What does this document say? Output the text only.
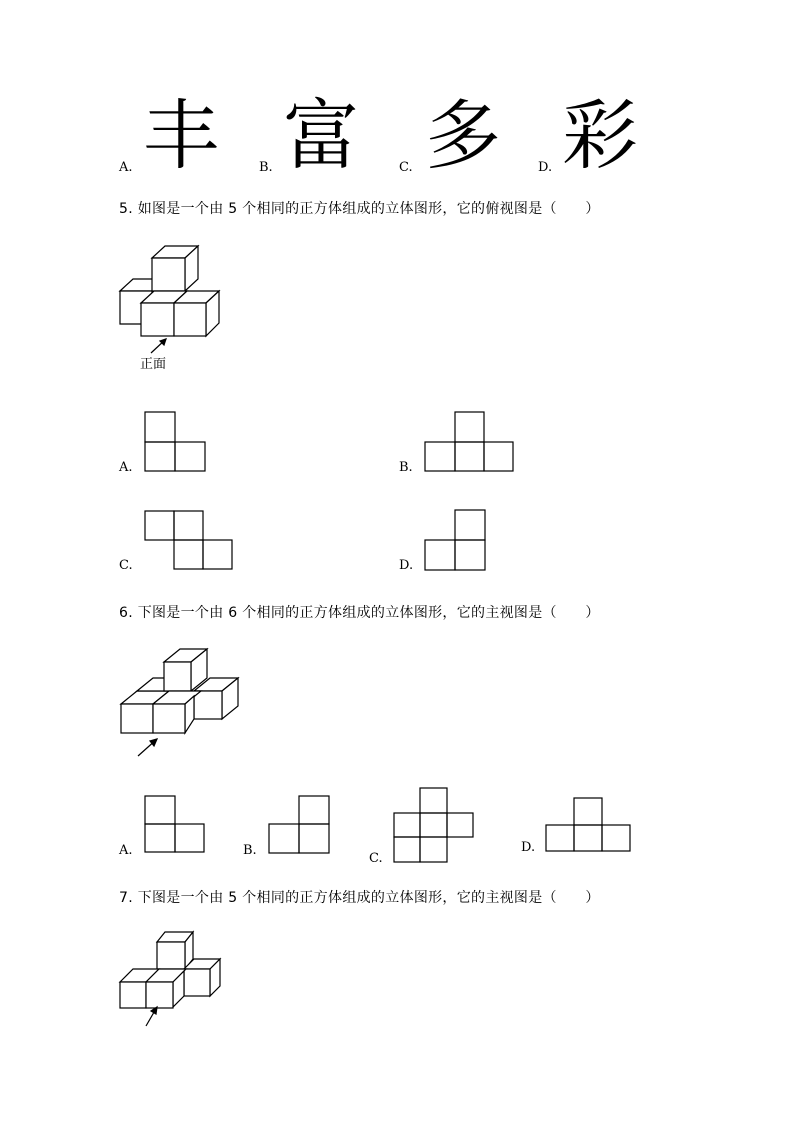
A. 丰	B. 富	C. 多	D. 彩
5. 如图是一个由 5 个相同的正方体组成的立体图形，它的俯视图是（　　）
正面
A.	B.
C.	D.
6. 下图是一个由 6 个相同的正方体组成的立体图形，它的主视图是（　　）
A.	B.
C.
D.
7. 下图是一个由 5 个相同的正方体组成的立体图形，它的主视图是（　　）
